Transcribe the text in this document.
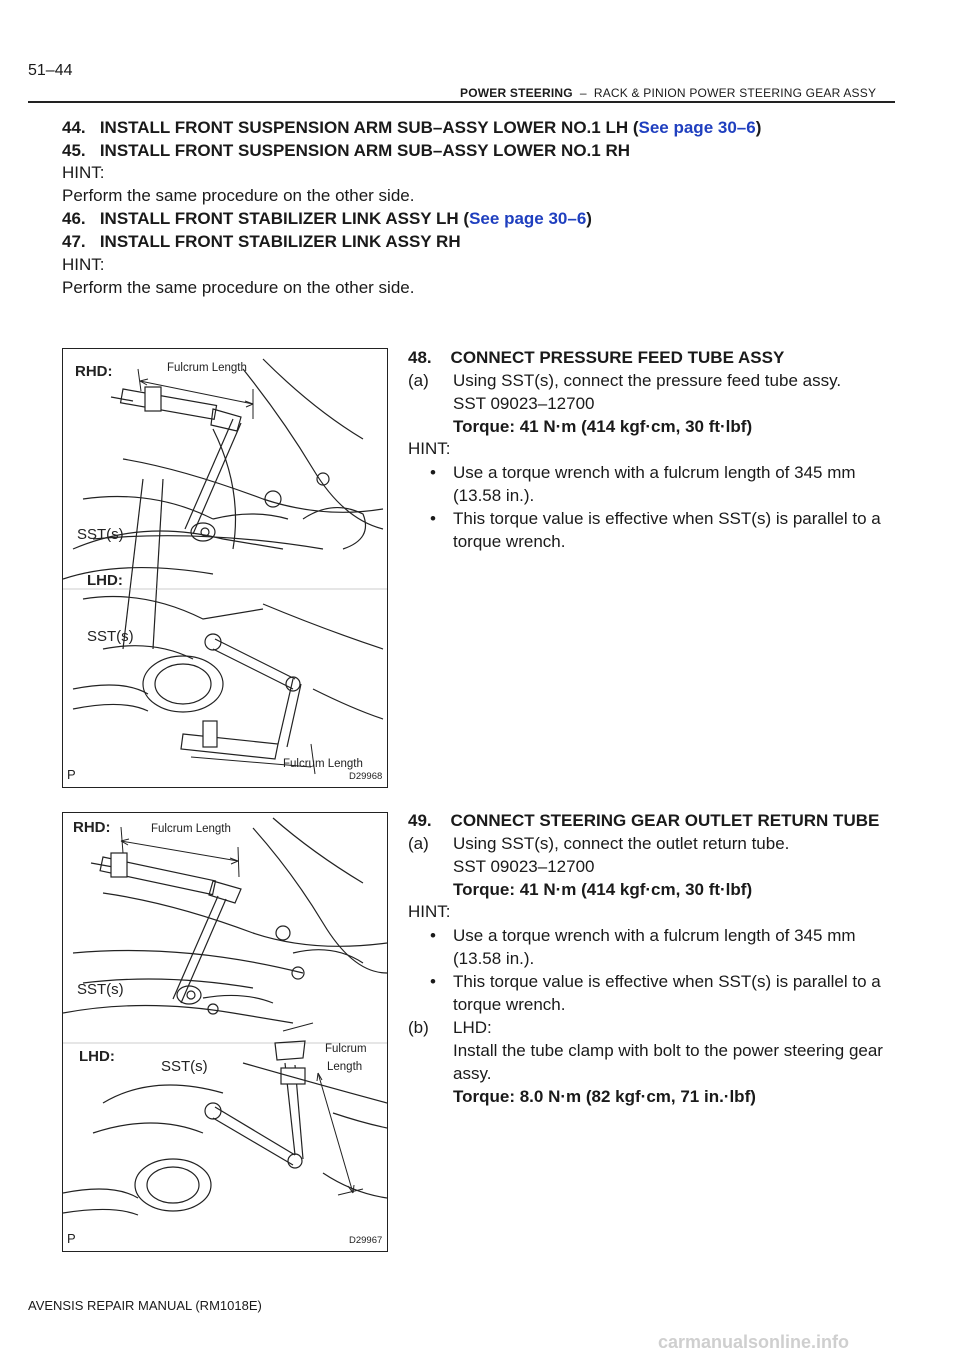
51–44
POWER STEERING – RACK & PINION POWER STEERING GEAR ASSY
44. INSTALL FRONT SUSPENSION ARM SUB–ASSY LOWER NO.1 LH (See page 30–6)
45. INSTALL FRONT SUSPENSION ARM SUB–ASSY LOWER NO.1 RH
HINT:
Perform the same procedure on the other side.
46. INSTALL FRONT STABILIZER LINK ASSY LH (See page 30–6)
47. INSTALL FRONT STABILIZER LINK ASSY RH
HINT:
Perform the same procedure on the other side.
RHD:	Fulcrum Length
SST(s)
LHD:
SST(s)
Fulcrum Length
P	D29968
48. CONNECT PRESSURE FEED TUBE ASSY
(a) Using SST(s), connect the pressure feed tube assy.
SST 09023–12700
Torque: 41 N·m (414 kgf·cm, 30 ft·lbf)
HINT:
• Use a torque wrench with a fulcrum length of 345 mm
(13.58 in.).
• This torque value is effective when SST(s) is parallel to a
torque wrench.
RHD:	Fulcrum Length
SST(s)
LHD:
SST(s)
Fulcrum
Length
P	D29967
49. CONNECT STEERING GEAR OUTLET RETURN TUBE
(a) Using SST(s), connect the outlet return tube.
SST 09023–12700
Torque: 41 N·m (414 kgf·cm, 30 ft·lbf)
HINT:
• Use a torque wrench with a fulcrum length of 345 mm
(13.58 in.).
• This torque value is effective when SST(s) is parallel to a
torque wrench.
(b) LHD:
Install the tube clamp with bolt to the power steering gear
assy.
Torque: 8.0 N·m (82 kgf·cm, 71 in.·lbf)
AVENSIS REPAIR MANUAL (RM1018E)
carmanualsonline.info
